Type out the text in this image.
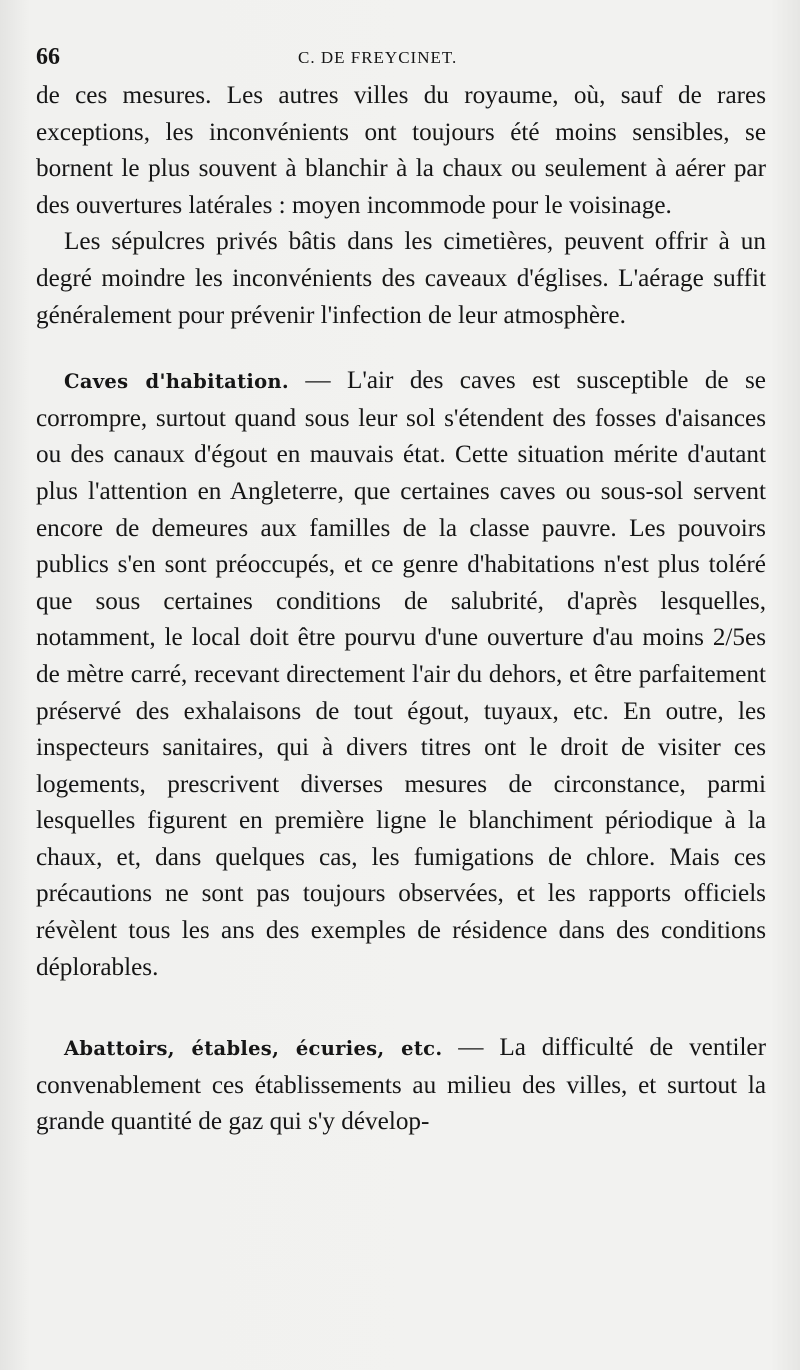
66	C. DE FREYCINET.

de ces mesures. Les autres villes du royaume, où, sauf de rares exceptions, les inconvénients ont toujours été moins sensibles, se bornent le plus souvent à blanchir à la chaux ou seulement à aérer par des ouvertures latérales : moyen incommode pour le voisinage.

Les sépulcres privés bâtis dans les cimetières, peuvent offrir à un degré moindre les inconvénients des caveaux d'églises. L'aérage suffit généralement pour prévenir l'infection de leur atmosphère.

Caves d'habitation. — L'air des caves est susceptible de se corrompre, surtout quand sous leur sol s'étendent des fosses d'aisances ou des canaux d'égout en mauvais état. Cette situation mérite d'autant plus l'attention en Angleterre, que certaines caves ou sous-sol servent encore de demeures aux familles de la classe pauvre. Les pouvoirs publics s'en sont préoccupés, et ce genre d'habitations n'est plus toléré que sous certaines conditions de salubrité, d'après lesquelles, notamment, le local doit être pourvu d'une ouverture d'au moins 2/5es de mètre carré, recevant directement l'air du dehors, et être parfaitement préservé des exhalaisons de tout égout, tuyaux, etc. En outre, les inspecteurs sanitaires, qui à divers titres ont le droit de visiter ces logements, prescrivent diverses mesures de circonstance, parmi lesquelles figurent en première ligne le blanchiment périodique à la chaux, et, dans quelques cas, les fumigations de chlore. Mais ces précautions ne sont pas toujours observées, et les rapports officiels révèlent tous les ans des exemples de résidence dans des conditions déplorables.

Abattoirs, étables, écuries, etc. — La difficulté de ventiler convenablement ces établissements au milieu des villes, et surtout la grande quantité de gaz qui s'y dévelop-
